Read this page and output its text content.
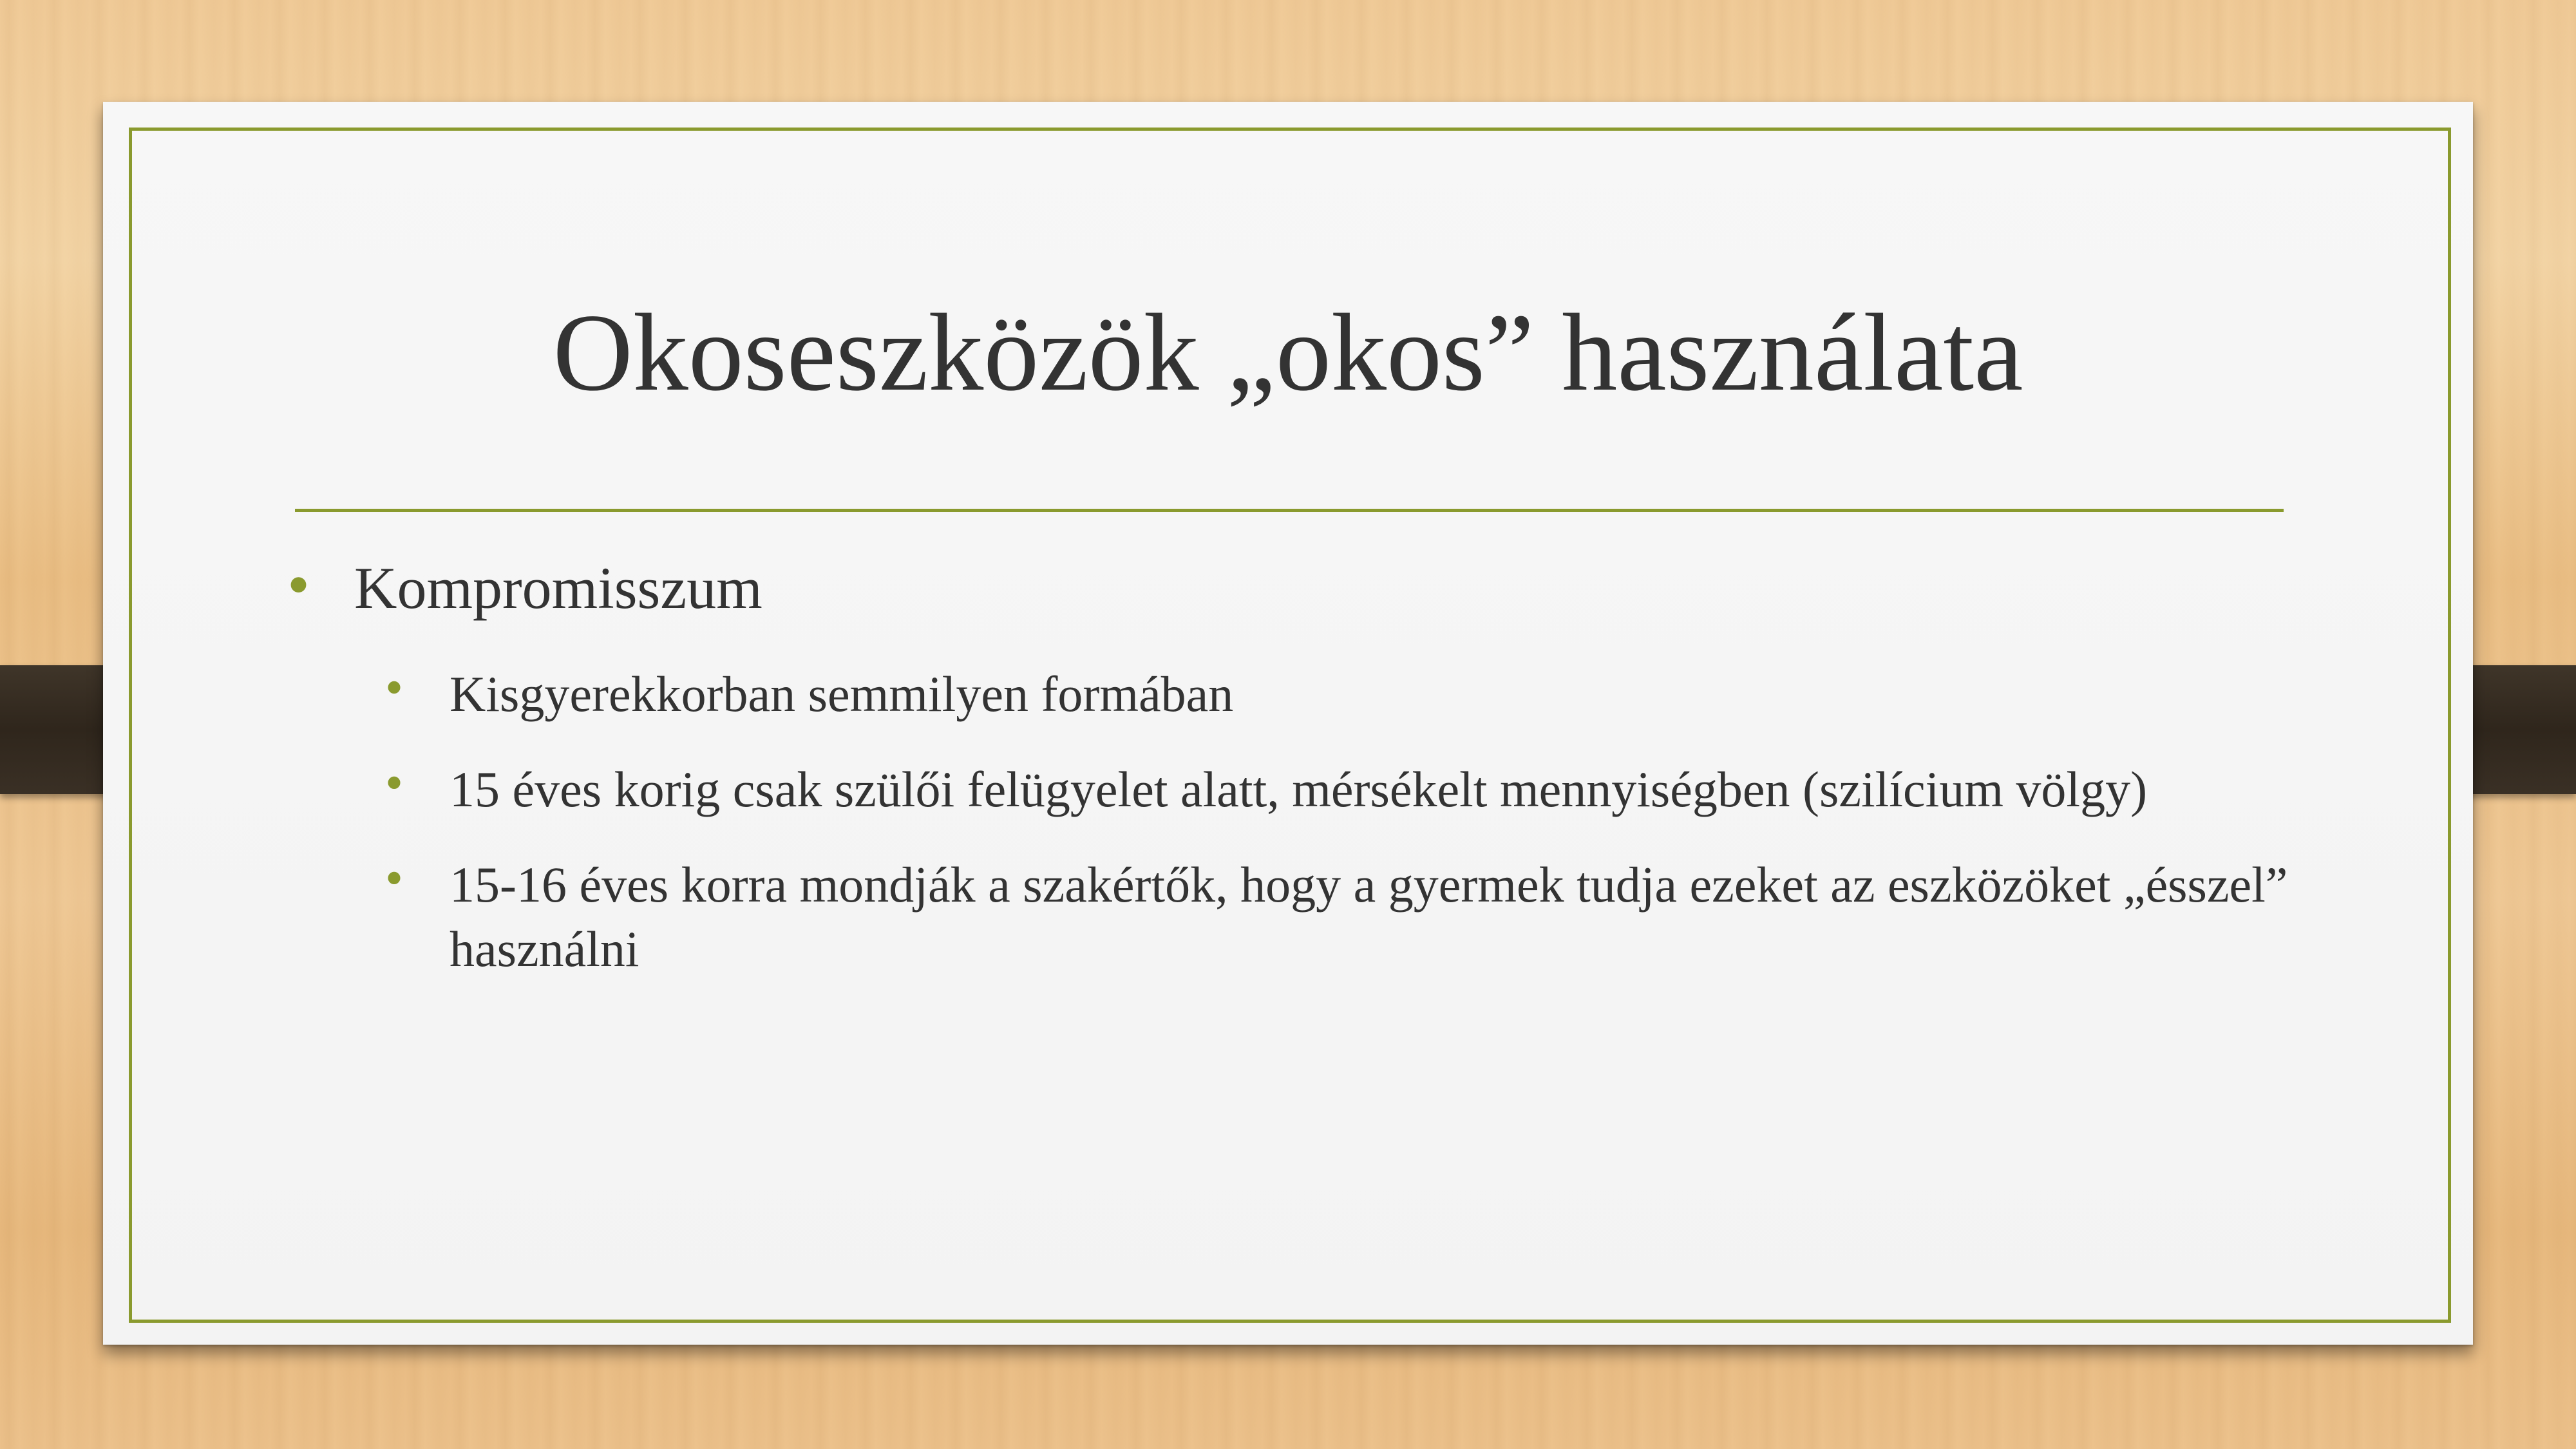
Okoseszközök „okos” használata
• Kompromisszum
• Kisgyerekkorban semmilyen formában
• 15 éves korig csak szülői felügyelet alatt, mérsékelt mennyiségben (szilícium völgy)
• 15-16 éves korra mondják a szakértők, hogy a gyermek tudja ezeket az eszközöket „ésszel” használni
